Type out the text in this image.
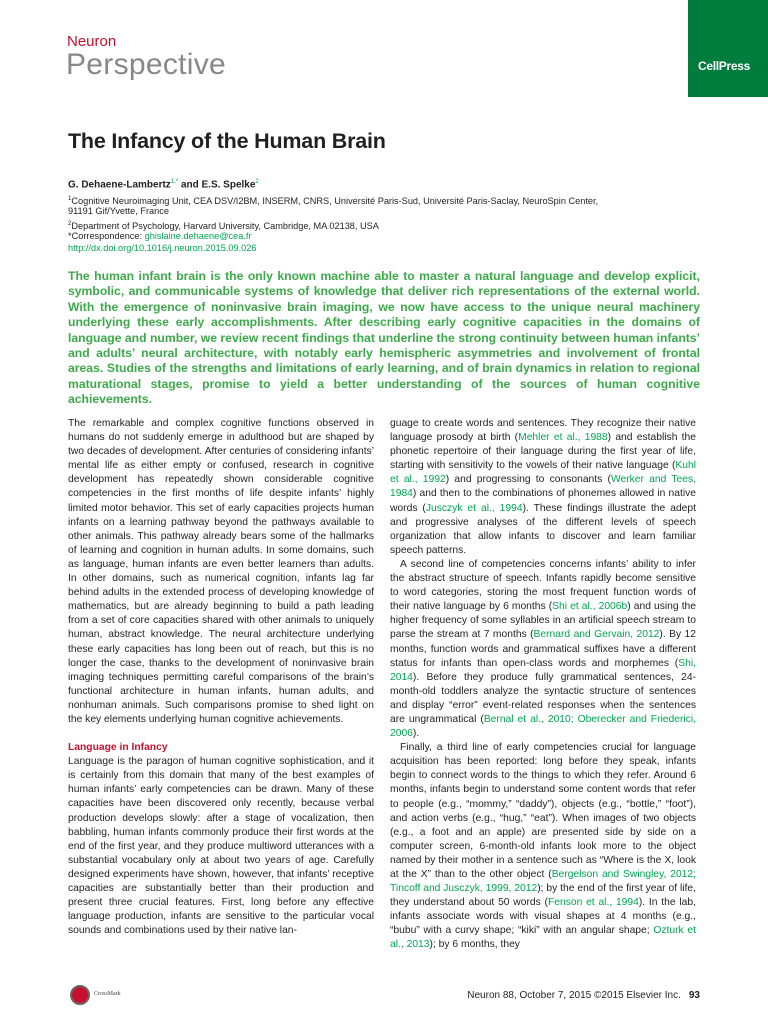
Neuron
Perspective	CellPress
The Infancy of the Human Brain
G. Dehaene-Lambertz$^{1,*}$ and E.S. Spelke$^2$
$^1$Cognitive Neuroimaging Unit, CEA DSV/I2BM, INSERM, CNRS, Université Paris-Sud, Université Paris-Saclay, NeuroSpin Center,
91191 Gif/Yvette, France
$^2$Department of Psychology, Harvard University, Cambridge, MA 02138, USA
*Correspondence: ghislaine.dehaene@cea.fr
http://dx.doi.org/10.1016/j.neuron.2015.09.026

The human infant brain is the only known machine able to master a natural language and develop explicit, symbolic, and communicable systems of knowledge that deliver rich representations of the external world. With the emergence of noninvasive brain imaging, we now have access to the unique neural machinery underlying these early accomplishments. After describing early cognitive capacities in the domains of language and number, we review recent findings that underline the strong continuity between human infants’ and adults’ neural architecture, with notably early hemispheric asymmetries and involvement of frontal areas. Studies of the strengths and limitations of early learning, and of brain dynamics in relation to regional maturational stages, promise to yield a better understanding of the sources of human cognitive achievements.

The remarkable and complex cognitive functions observed in humans do not suddenly emerge in adulthood but are shaped by two decades of development. After centuries of considering infants’ mental life as either empty or confused, research in cognitive development has repeatedly shown considerable cognitive competencies in the first months of life despite infants’ highly limited motor behavior. This set of early capacities projects human infants on a learning pathway beyond the pathways available to other animals. This pathway already bears some of the hallmarks of learning and cognition in human adults. In some domains, such as language, human infants are even better learners than adults. In other domains, such as numerical cognition, infants lag far behind adults in the extended process of developing knowledge of mathematics, but are already beginning to build a path leading from a set of core capacities shared with other animals to uniquely human, abstract knowledge. The neural architecture underlying these early capacities has long been out of reach, but this is no longer the case, thanks to the development of noninvasive brain imaging techniques permitting careful comparisons of the brain’s functional architecture in human infants, human adults, and nonhuman animals. Such comparisons promise to shed light on the key elements underlying human cognitive achievements.

Language in Infancy

Language is the paragon of human cognitive sophistication, and it is certainly from this domain that many of the best examples of human infants’ early competencies can be drawn. Many of these capacities have been discovered only recently, because verbal production develops slowly: after a stage of vocalization, then babbling, human infants commonly produce their first words at the end of the first year, and they produce multiword utterances with a substantial vocabulary only at about two years of age. Carefully designed experiments have shown, however, that infants’ receptive capacities are substantially better than their production and present three crucial features. First, long before any effective language production, infants are sensitive to the particular vocal sounds and combinations used by their native lan-

guage to create words and sentences. They recognize their native language prosody at birth (Mehler et al., 1988) and establish the phonetic repertoire of their language during the first year of life, starting with sensitivity to the vowels of their native language (Kuhl et al., 1992) and progressing to consonants (Werker and Tees, 1984) and then to the combinations of phonemes allowed in native words (Jusczyk et al., 1994). These findings illustrate the adept and progressive analyses of the different levels of speech organization that allow infants to discover and learn familiar speech patterns.

A second line of competencies concerns infants’ ability to infer the abstract structure of speech. Infants rapidly become sensitive to word categories, storing the most frequent function words of their native language by 6 months (Shi et al., 2006b) and using the higher frequency of some syllables in an artificial speech stream to parse the stream at 7 months (Bernard and Gervain, 2012). By 12 months, function words and grammatical suffixes have a different status for infants than open-class words and morphemes (Shi, 2014). Before they produce fully grammatical sentences, 24-month-old toddlers analyze the syntactic structure of sentences and display “error” event-related responses when the sentences are ungrammatical (Bernal et al., 2010; Oberecker and Friederici, 2006).

Finally, a third line of early competencies crucial for language acquisition has been reported: long before they speak, infants begin to connect words to the things to which they refer. Around 6 months, infants begin to understand some content words that refer to people (e.g., “mommy,” “daddy”), objects (e.g., “bottle,” “foot”), and action verbs (e.g., “hug,” “eat”). When images of two objects (e.g., a foot and an apple) are presented side by side on a computer screen, 6-month-old infants look more to the object named by their mother in a sentence such as “Where is the X, look at the X” than to the other object (Bergelson and Swingley, 2012; Tincoff and Jusczyk, 1999, 2012); by the end of the first year of life, they understand about 50 words (Fenson et al., 1994). In the lab, infants associate words with visual shapes at 4 months (e.g., “bubu” with a curvy shape; “kiki” with an angular shape; Ozturk et al., 2013); by 6 months, they

CrossMark	Neuron 88, October 7, 2015 ©2015 Elsevier Inc. 93
